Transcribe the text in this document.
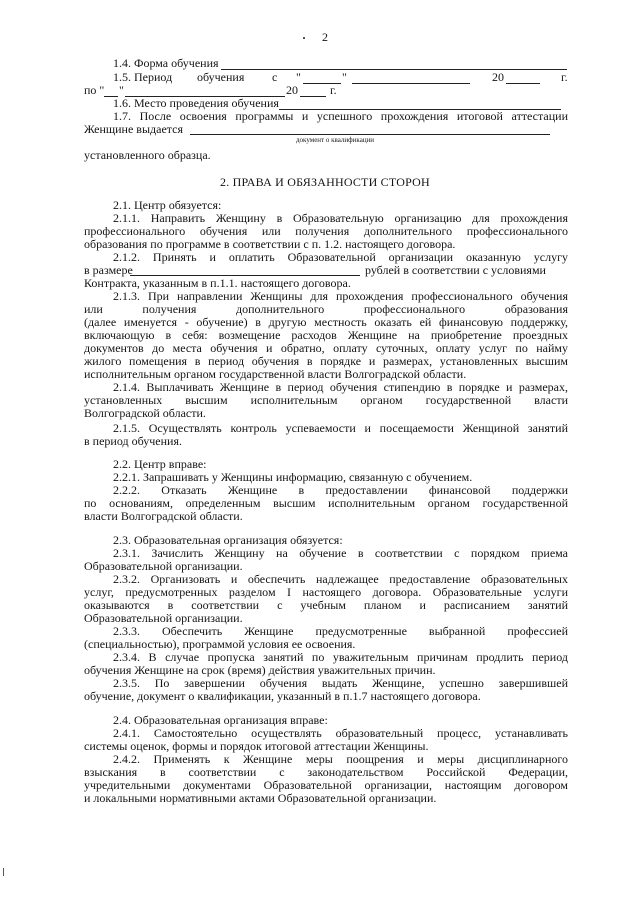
2
1.4. Форма обучения
1.5. Период обучения с "	"	20	г.
по " "	20	г.
1.6. Место проведения обучения
1.7. После освоения программы и успешного прохождения итоговой аттестации
Женщине выдается
документ о квалификации
установленного образца.
2. ПРАВА И ОБЯЗАННОСТИ СТОРОН
2.1. Центр обязуется:
2.1.1. Направить Женщину в Образовательную организацию для прохождения
профессионального обучения или получения дополнительного профессионального
образования по программе в соответствии с п. 1.2. настоящего договора.
2.1.2. Принять и оплатить Образовательной организации оказанную услугу
в размере	рублей в соответствии с условиями
Контракта, указанным в п.1.1. настоящего договора.
2.1.3. При направлении Женщины для прохождения профессионального обучения
или получения дополнительного профессионального образования
(далее именуется - обучение) в другую местность оказать ей финансовую поддержку,
включающую в себя: возмещение расходов Женщине на приобретение проездных
документов до места обучения и обратно, оплату суточных, оплату услуг по найму
жилого помещения в период обучения в порядке и размерах, установленных высшим
исполнительным органом государственной власти Волгоградской области.
2.1.4. Выплачивать Женщине в период обучения стипендию в порядке и размерах,
установленных высшим исполнительным органом государственной власти
Волгоградской области.
2.1.5. Осуществлять контроль успеваемости и посещаемости Женщиной занятий
в период обучения.
2.2. Центр вправе:
2.2.1. Запрашивать у Женщины информацию, связанную с обучением.
2.2.2. Отказать Женщине в предоставлении финансовой поддержки
по основаниям, определенным высшим исполнительным органом государственной
власти Волгоградской области.
2.3. Образовательная организация обязуется:
2.3.1. Зачислить Женщину на обучение в соответствии с порядком приема
Образовательной организации.
2.3.2. Организовать и обеспечить надлежащее предоставление образовательных
услуг, предусмотренных разделом I настоящего договора. Образовательные услуги
оказываются в соответствии с учебным планом и расписанием занятий
Образовательной организации.
2.3.3. Обеспечить Женщине предусмотренные выбранной профессией
(специальностью), программой условия ее освоения.
2.3.4. В случае пропуска занятий по уважительным причинам продлить период
обучения Женщине на срок (время) действия уважительных причин.
2.3.5. По завершении обучения выдать Женщине, успешно завершившей
обучение, документ о квалификации, указанный в п.1.7 настоящего договора.
2.4. Образовательная организация вправе:
2.4.1. Самостоятельно осуществлять образовательный процесс, устанавливать
системы оценок, формы и порядок итоговой аттестации Женщины.
2.4.2. Применять к Женщине меры поощрения и меры дисциплинарного
взыскания в соответствии с законодательством Российской Федерации,
учредительными документами Образовательной организации, настоящим договором
и локальными нормативными актами Образовательной организации.
